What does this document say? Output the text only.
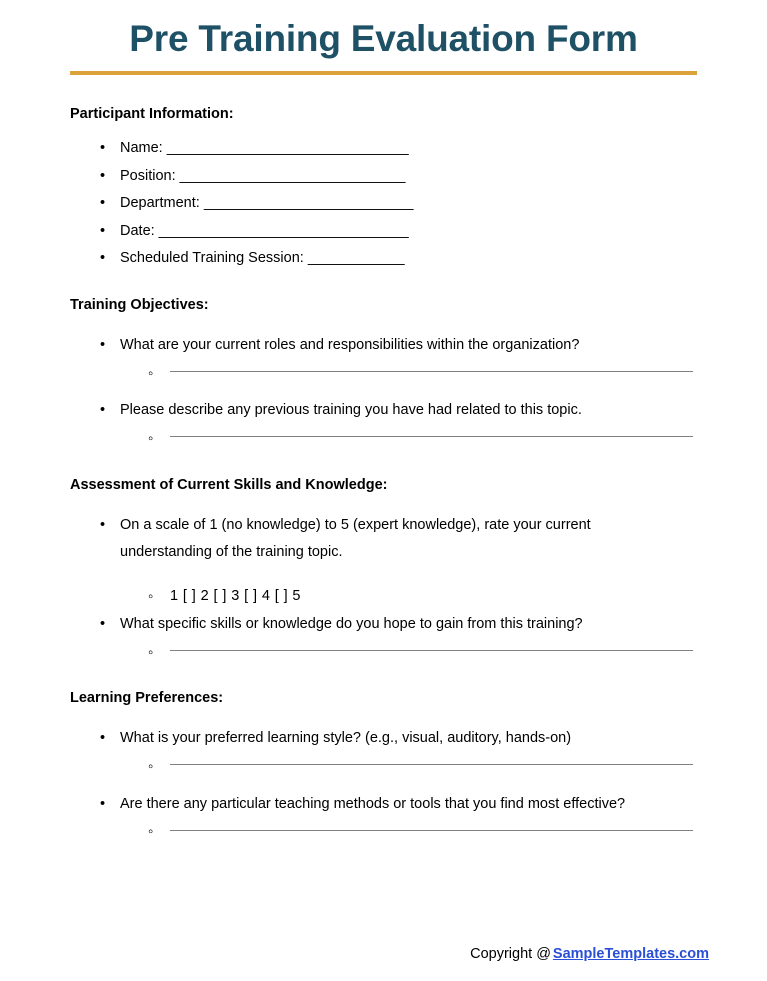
Pre Training Evaluation Form
Participant Information:
• Name: ______________________________
• Position: ____________________________
• Department: __________________________
• Date: _______________________________
• Scheduled Training Session: ____________
Training Objectives:
• What are your current roles and responsibilities within the organization?
◦
• Please describe any previous training you have had related to this topic.
◦
Assessment of Current Skills and Knowledge:
• On a scale of 1 (no knowledge) to 5 (expert knowledge), rate your current understanding of the training topic.
◦ 1 [ ] 2 [ ] 3 [ ] 4 [ ] 5
• What specific skills or knowledge do you hope to gain from this training?
◦
Learning Preferences:
• What is your preferred learning style? (e.g., visual, auditory, hands-on)
◦
• Are there any particular teaching methods or tools that you find most effective?
◦
Copyright @ SampleTemplates.com
